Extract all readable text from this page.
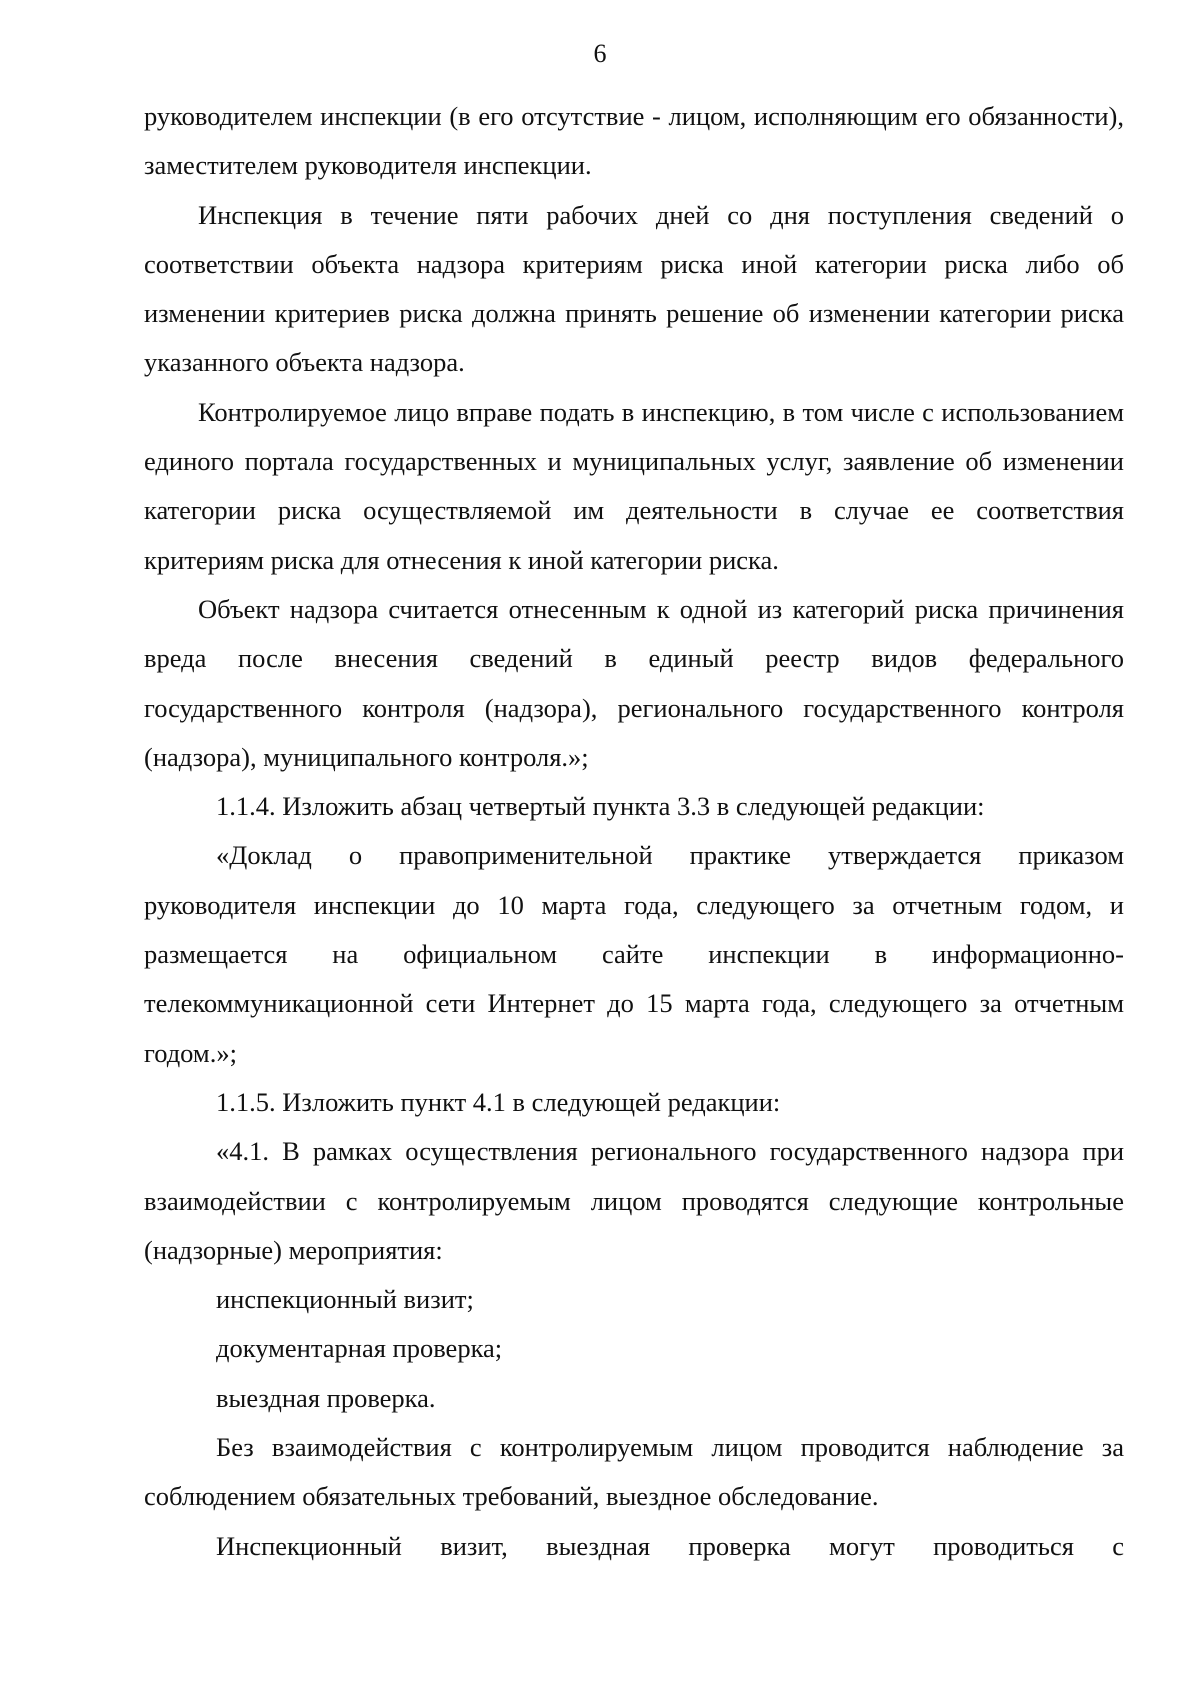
6

руководителем инспекции (в его отсутствие - лицом, исполняющим его обязанности), заместителем руководителя инспекции.

Инспекция в течение пяти рабочих дней со дня поступления сведений о соответствии объекта надзора критериям риска иной категории риска либо об изменении критериев риска должна принять решение об изменении категории риска указанного объекта надзора.

Контролируемое лицо вправе подать в инспекцию, в том числе с использованием единого портала государственных и муниципальных услуг, заявление об изменении категории риска осуществляемой им деятельности в случае ее соответствия критериям риска для отнесения к иной категории риска.

Объект надзора считается отнесенным к одной из категорий риска причинения вреда после внесения сведений в единый реестр видов федерального государственного контроля (надзора), регионального государственного контроля (надзора), муниципального контроля.»;

1.1.4. Изложить абзац четвертый пункта 3.3 в следующей редакции:

«Доклад о правоприменительной практике утверждается приказом руководителя инспекции до 10 марта года, следующего за отчетным годом, и размещается на официальном сайте инспекции в информационно-телекоммуникационной сети Интернет до 15 марта года, следующего за отчетным годом.»;

1.1.5. Изложить пункт 4.1 в следующей редакции:

«4.1. В рамках осуществления регионального государственного надзора при взаимодействии с контролируемым лицом проводятся следующие контрольные (надзорные) мероприятия:

инспекционный визит;

документарная проверка;

выездная проверка.

Без взаимодействия с контролируемым лицом проводится наблюдение за соблюдением обязательных требований, выездное обследование.

Инспекционный визит, выездная проверка могут проводиться с
